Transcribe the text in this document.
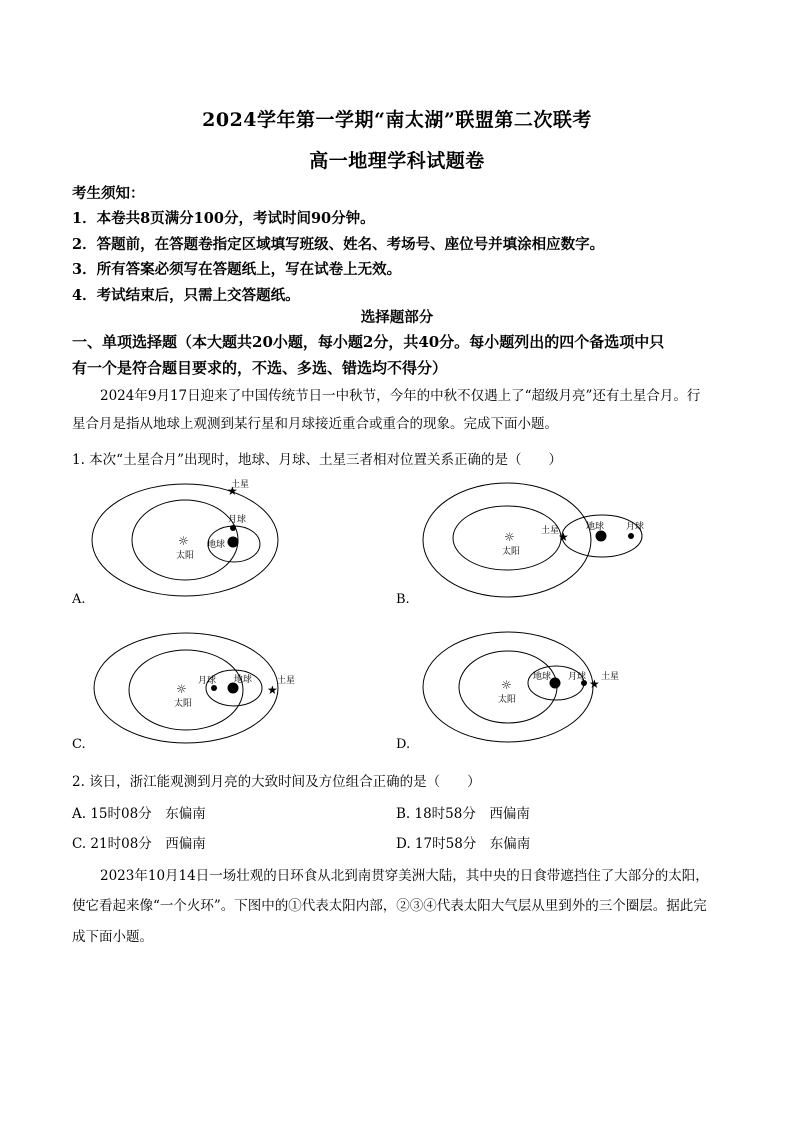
2024学年第一学期“南太湖”联盟第二次联考
高一地理学科试题卷
考生须知：
1．本卷共8页满分100分，考试时间90分钟。
2．答题前，在答题卷指定区域填写班级、姓名、考场号、座位号并填涂相应数字。
3．所有答案必须写在答题纸上，写在试卷上无效。
4．考试结束后，只需上交答题纸。
选择题部分
一、单项选择题（本大题共20小题，每小题2分，共40分。每小题列出的四个备选项中只
有一个是符合题目要求的，不选、多选、错选均不得分）
2024年9月17日迎来了中国传统节日一中秋节，今年的中秋不仅遇上了“超级月亮”还有土星合月。行
星合月是指从地球上观测到某行星和月球接近重合或重合的现象。完成下面小题。
1. 本次“土星合月”出现时，地球、月球、土星三者相对位置关系正确的是（　　）
☼
太阳
地球
月球
★
土星
A.
☼
太阳
★
土星	地球 月球
B.
☼
太阳
月球 地球
★
土星
C.
☼
太阳
地球 月球 ★ 土星
D.
2. 该日，浙江能观测到月亮的大致时间及方位组合正确的是（　　）
A. 15时08分　东偏南	B. 18时58分　西偏南
C. 21时08分　西偏南	D. 17时58分　东偏南
2023年10月14日一场壮观的日环食从北到南贯穿美洲大陆，其中央的日食带遮挡住了大部分的太阳，
使它看起来像“一个火环”。下图中的①代表太阳内部，②③④代表太阳大气层从里到外的三个圈层。据此完
成下面小题。
